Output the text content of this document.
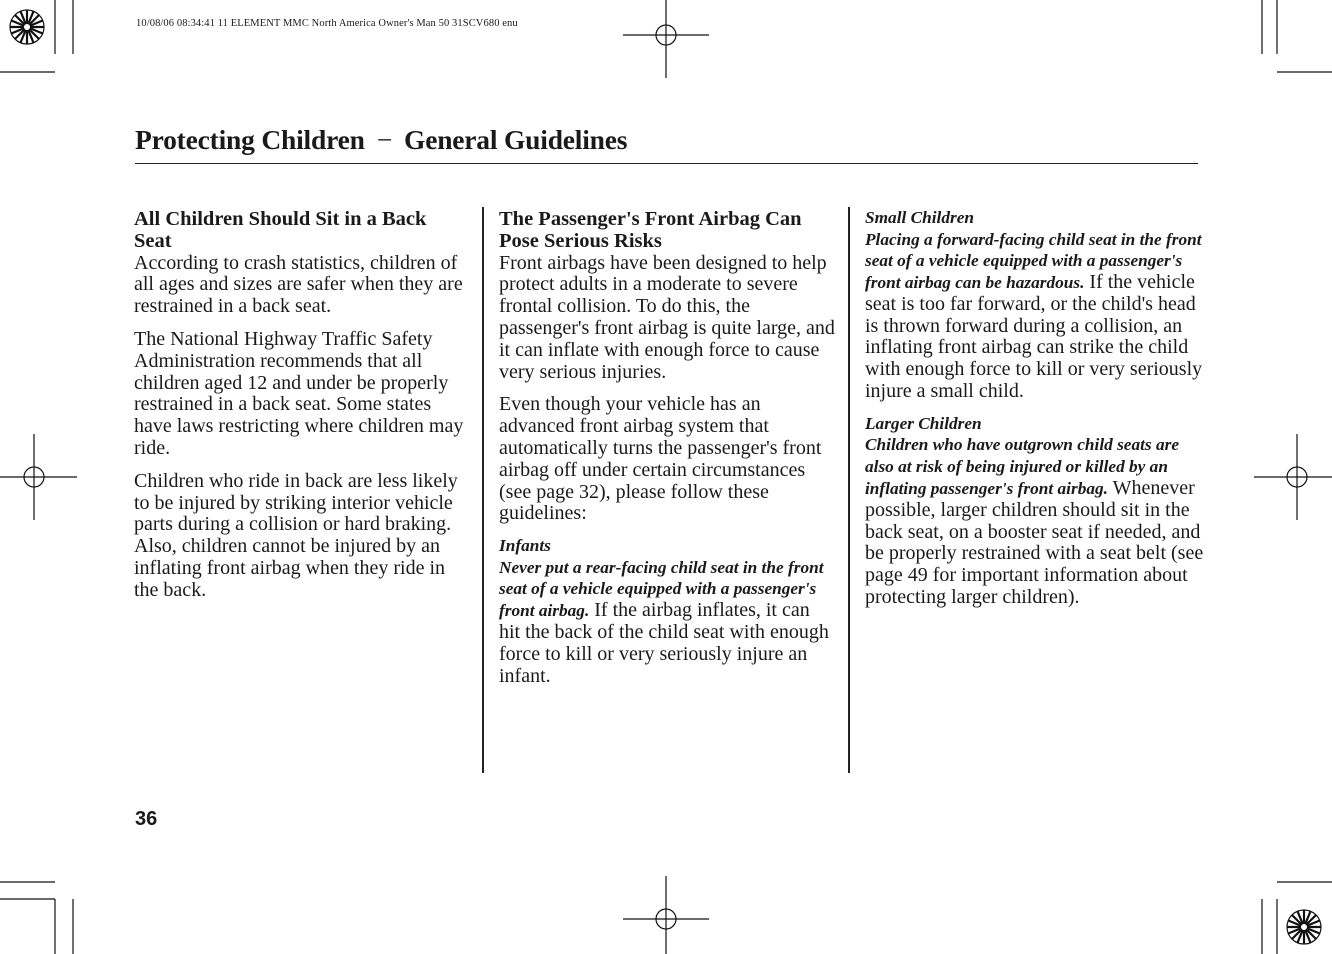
10/08/06 08:34:41 11 ELEMENT MMC North America Owner's Man 50 31SCV680 enu
Protecting Children − General Guidelines

All Children Should Sit in a Back Seat

According to crash statistics, children of all ages and sizes are safer when they are restrained in a back seat.

The National Highway Traffic Safety Administration recommends that all children aged 12 and under be properly restrained in a back seat. Some states have laws restricting where children may ride.

Children who ride in back are less likely to be injured by striking interior vehicle parts during a collision or hard braking. Also, children cannot be injured by an inflating front airbag when they ride in the back.

The Passenger's Front Airbag Can Pose Serious Risks

Front airbags have been designed to help protect adults in a moderate to severe frontal collision. To do this, the passenger's front airbag is quite large, and it can inflate with enough force to cause very serious injuries.

Even though your vehicle has an advanced front airbag system that automatically turns the passenger's front airbag off under certain circumstances (see page 32), please follow these guidelines:

Infants

Never put a rear-facing child seat in the front seat of a vehicle equipped with a passenger's front airbag. If the airbag inflates, it can hit the back of the child seat with enough force to kill or very seriously injure an infant.

Small Children

Placing a forward-facing child seat in the front seat of a vehicle equipped with a passenger's front airbag can be hazardous. If the vehicle seat is too far forward, or the child's head is thrown forward during a collision, an inflating front airbag can strike the child with enough force to kill or very seriously injure a small child.

Larger Children

Children who have outgrown child seats are also at risk of being injured or killed by an inflating passenger's front airbag. Whenever possible, larger children should sit in the back seat, on a booster seat if needed, and be properly restrained with a seat belt (see page 49 for important information about protecting larger children).

36
